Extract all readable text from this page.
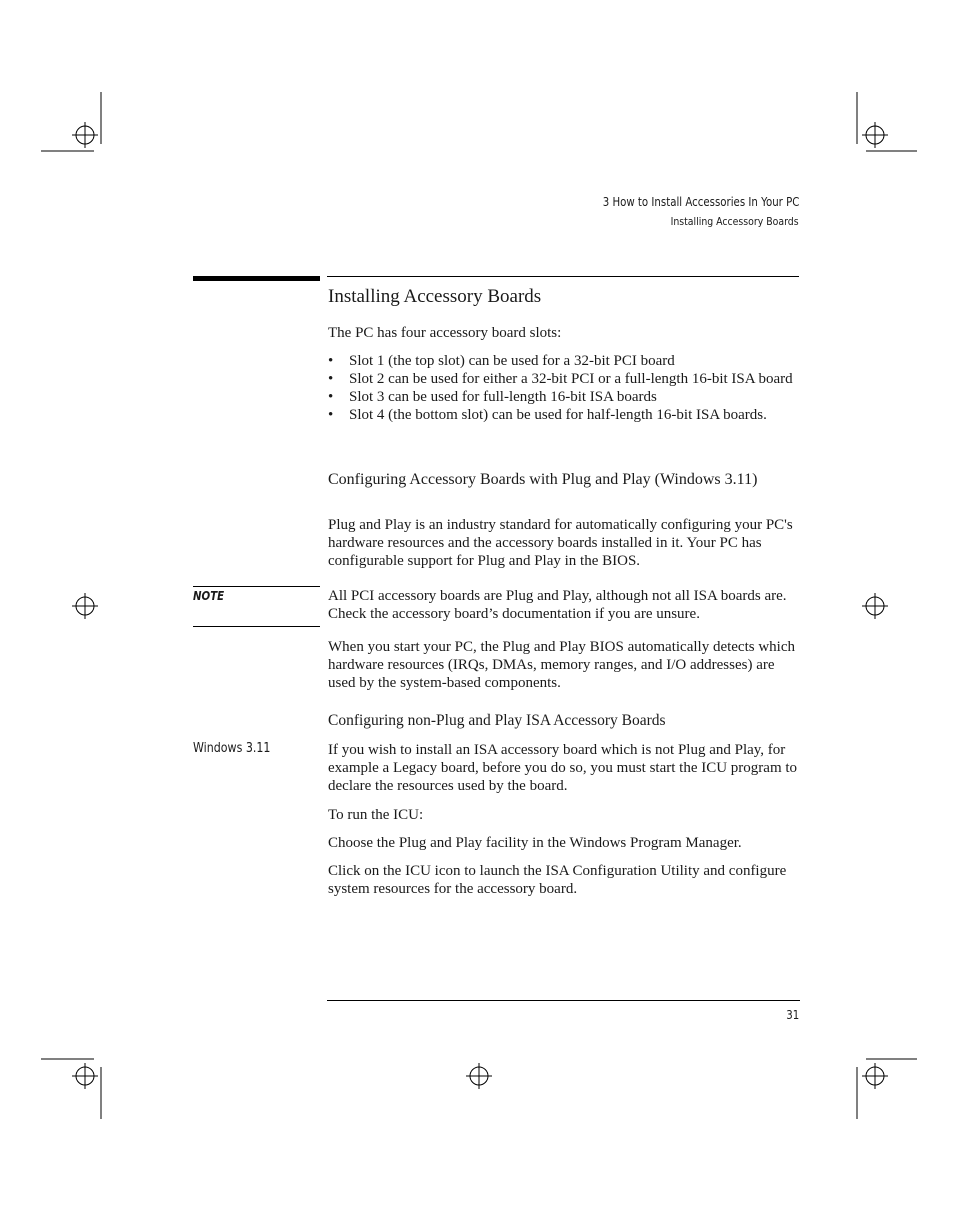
3 How to Install Accessories In Your PC
Installing Accessory Boards
Installing Accessory Boards
The PC has four accessory board slots:
• Slot 1 (the top slot) can be used for a 32-bit PCI board
• Slot 2 can be used for either a 32-bit PCI or a full-length 16-bit ISA board
• Slot 3 can be used for full-length 16-bit ISA boards
• Slot 4 (the bottom slot) can be used for half-length 16-bit ISA boards.
Configuring Accessory Boards with Plug and Play (Windows 3.11)
Plug and Play is an industry standard for automatically configuring your PC's hardware resources and the accessory boards installed in it. Your PC has configurable support for Plug and Play in the BIOS.
NOTE	All PCI accessory boards are Plug and Play, although not all ISA boards are. Check the accessory board’s documentation if you are unsure.
When you start your PC, the Plug and Play BIOS automatically detects which hardware resources (IRQs, DMAs, memory ranges, and I/O addresses) are used by the system-based components.
Configuring non-Plug and Play ISA Accessory Boards
Windows 3.11	If you wish to install an ISA accessory board which is not Plug and Play, for example a Legacy board, before you do so, you must start the ICU program to declare the resources used by the board.
To run the ICU:
Choose the Plug and Play facility in the Windows Program Manager.
Click on the ICU icon to launch the ISA Configuration Utility and configure system resources for the accessory board.
31
